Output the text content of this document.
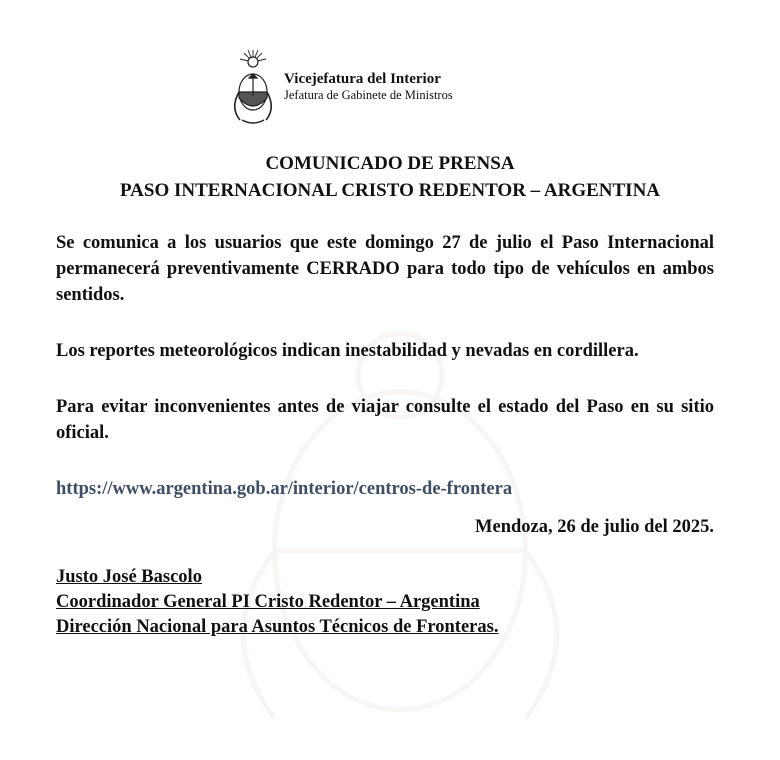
Vicejefatura del Interior
Jefatura de Gabinete de Ministros
COMUNICADO DE PRENSA
PASO INTERNACIONAL CRISTO REDENTOR – ARGENTINA

Se comunica a los usuarios que este domingo 27 de julio el Paso Internacional permanecerá preventivamente CERRADO para todo tipo de vehículos en ambos sentidos.

Los reportes meteorológicos indican inestabilidad y nevadas en cordillera.

Para evitar inconvenientes antes de viajar consulte el estado del Paso en su sitio oficial.

https://www.argentina.gob.ar/interior/centros-de-frontera

Mendoza, 26 de julio del 2025.

Justo José Bascolo

Coordinador General PI Cristo Redentor – Argentina

Dirección Nacional para Asuntos Técnicos de Fronteras.
